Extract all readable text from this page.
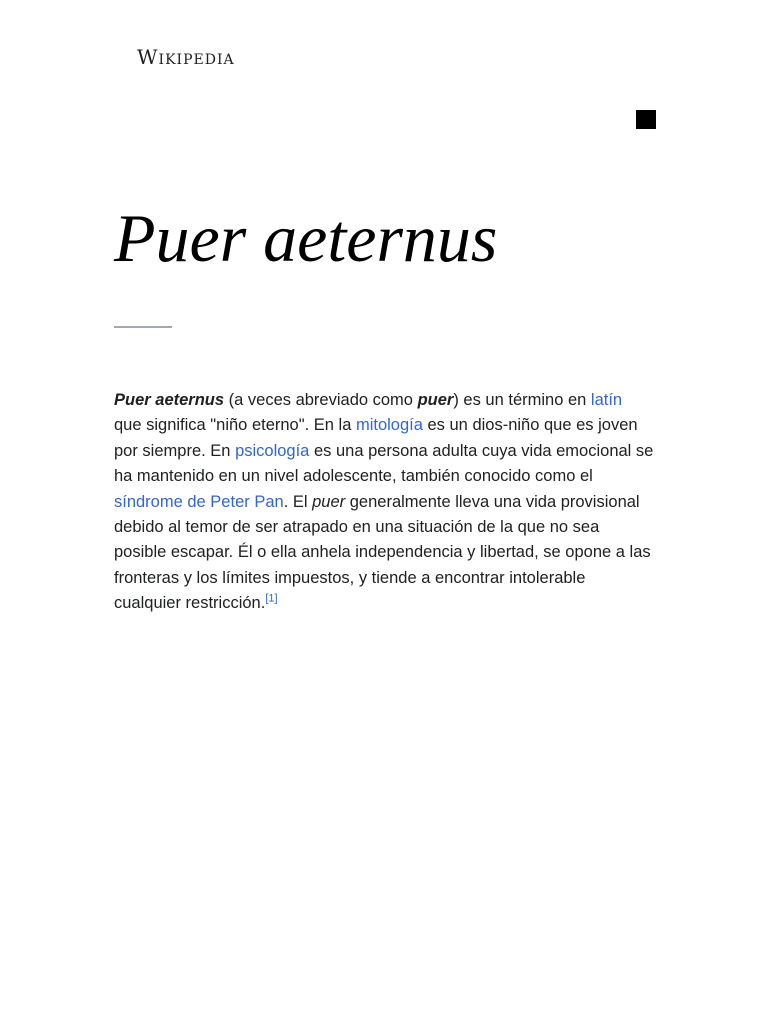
Wikipedia
Puer aeternus

Puer aeternus (a veces abreviado como puer) es un término en latín que significa "niño eterno". En la mitología es un dios-niño que es joven por siempre. En psicología es una persona adulta cuya vida emocional se ha mantenido en un nivel adolescente, también conocido como el síndrome de Peter Pan. El puer generalmente lleva una vida provisional debido al temor de ser atrapado en una situación de la que no sea posible escapar. Él o ella anhela independencia y libertad, se opone a las fronteras y los límites impuestos, y tiende a encontrar intolerable cualquier restricción.[1]
